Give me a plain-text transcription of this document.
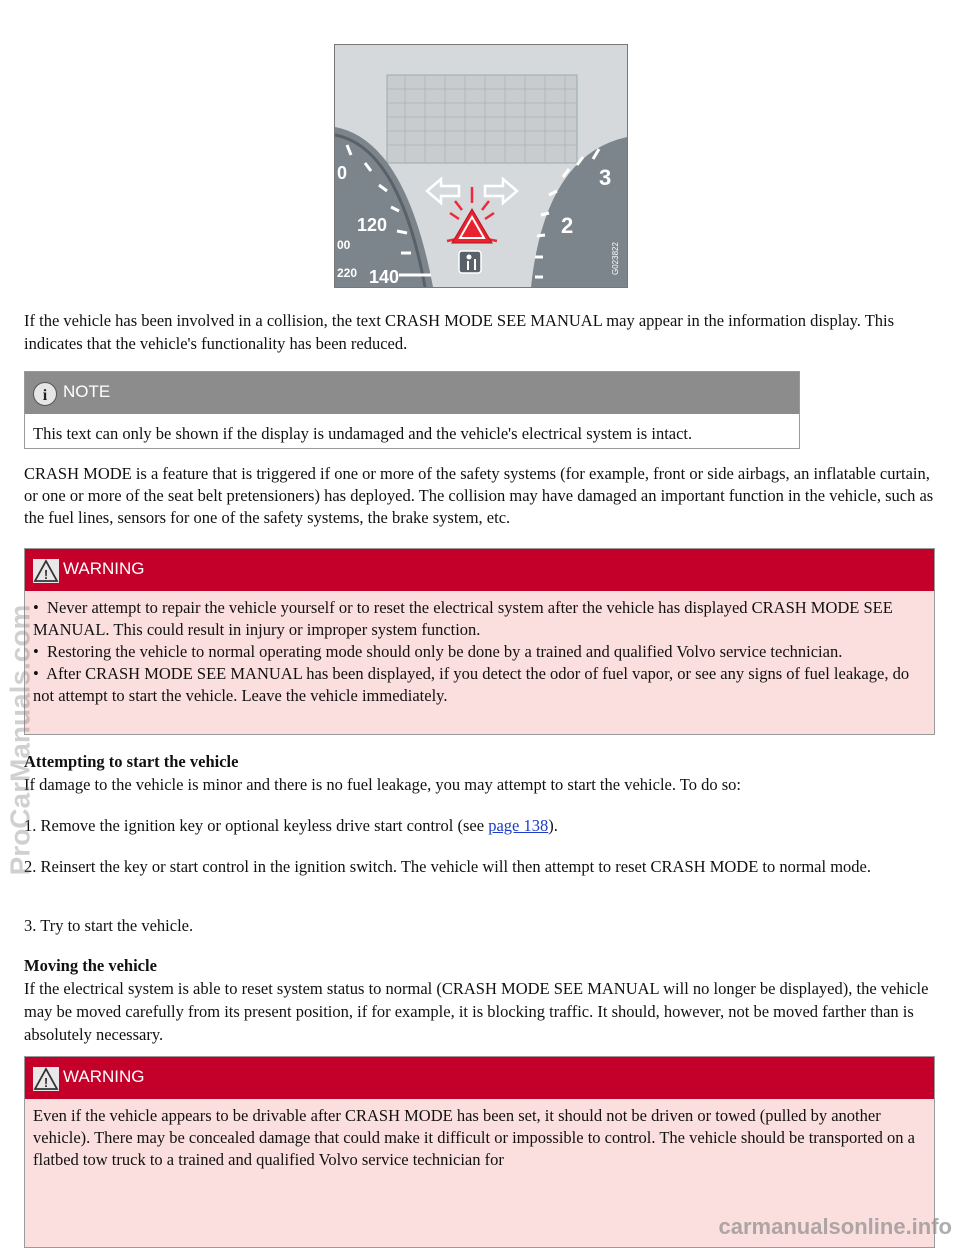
0
120
00
220 140
3
2
G023822

If the vehicle has been involved in a collision, the text CRASH MODE SEE MANUAL may appear in the information display. This indicates that the vehicle's functionality has been reduced.

i NOTE
This text can only be shown if the display is undamaged and the vehicle's electrical system is intact.

CRASH MODE is a feature that is triggered if one or more of the safety systems (for example, front or side airbags, an inflatable curtain, or one or more of the seat belt pretensioners) has deployed. The collision may have damaged an important function in the vehicle, such as the fuel lines, sensors for one of the safety systems, the brake system, etc.

! WARNING
•  Never attempt to repair the vehicle yourself or to reset the electrical system after the vehicle has displayed CRASH MODE SEE MANUAL. This could result in injury or improper system function.
•  Restoring the vehicle to normal operating mode should only be done by a trained and qualified Volvo service technician.
•  After CRASH MODE SEE MANUAL has been displayed, if you detect the odor of fuel vapor, or see any signs of fuel leakage, do not attempt to start the vehicle. Leave the vehicle immediately.
Attempting to start the vehicle

If damage to the vehicle is minor and there is no fuel leakage, you may attempt to start the vehicle. To do so:

1. Remove the ignition key or optional keyless drive start control (see page 138).

2. Reinsert the key or start control in the ignition switch. The vehicle will then attempt to reset CRASH MODE to normal mode.

3. Try to start the vehicle.

Moving the vehicle

If the electrical system is able to reset system status to normal (CRASH MODE SEE MANUAL will no longer be displayed), the vehicle may be moved carefully from its present position, if for example, it is blocking traffic. It should, however, not be moved farther than is absolutely necessary.

! WARNING
Even if the vehicle appears to be drivable after CRASH MODE has been set, it should not be driven or towed (pulled by another vehicle). There may be concealed damage that could make it difficult or impossible to control. The vehicle should be transported on a flatbed tow truck to a trained and qualified Volvo service technician for
ProCarManuals.com
carmanualsonline.info
